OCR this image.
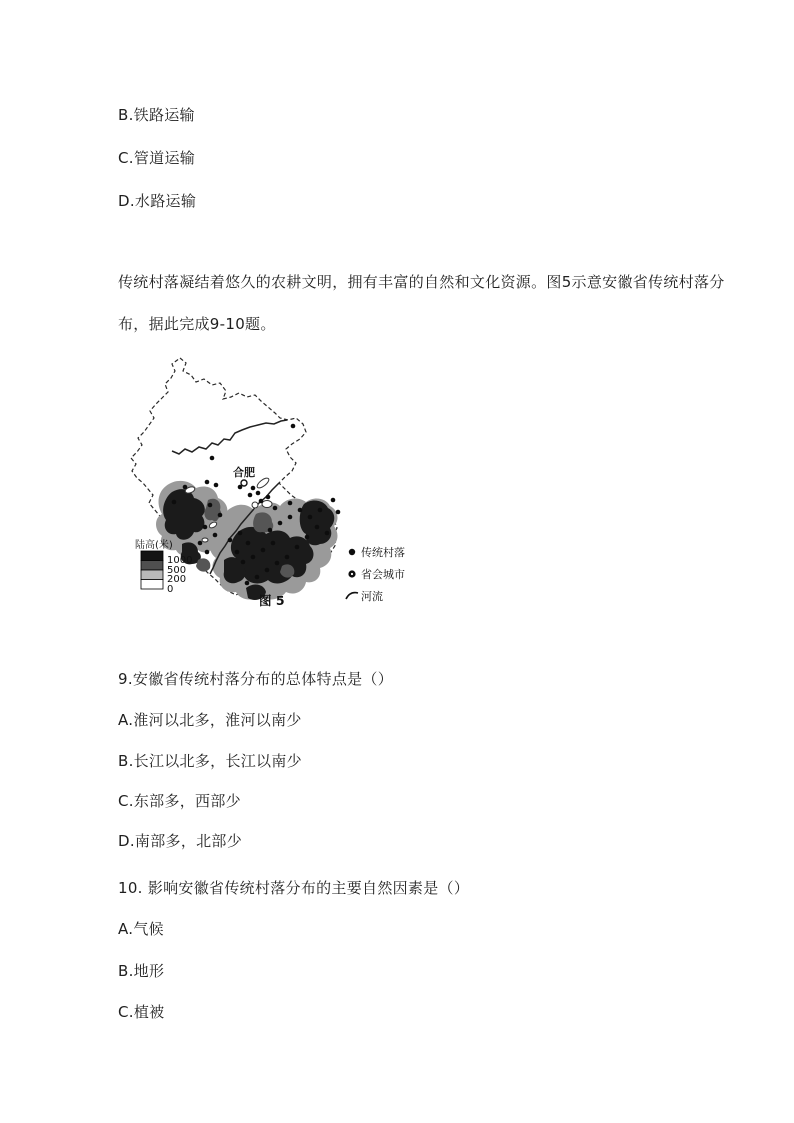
B.铁路运输
C.管道运输
D.水路运输
传统村落凝结着悠久的农耕文明，拥有丰富的自然和文化资源。图5示意安徽省传统村落分
布，据此完成9-10题。
合肥
陆高(米)
1000
500
200
0
传统村落
省会城市
河流
图 5
9.安徽省传统村落分布的总体特点是（）
A.淮河以北多，淮河以南少
B.长江以北多，长江以南少
C.东部多，西部少
D.南部多，北部少
10. 影响安徽省传统村落分布的主要自然因素是（）
A.气候
B.地形
C.植被
